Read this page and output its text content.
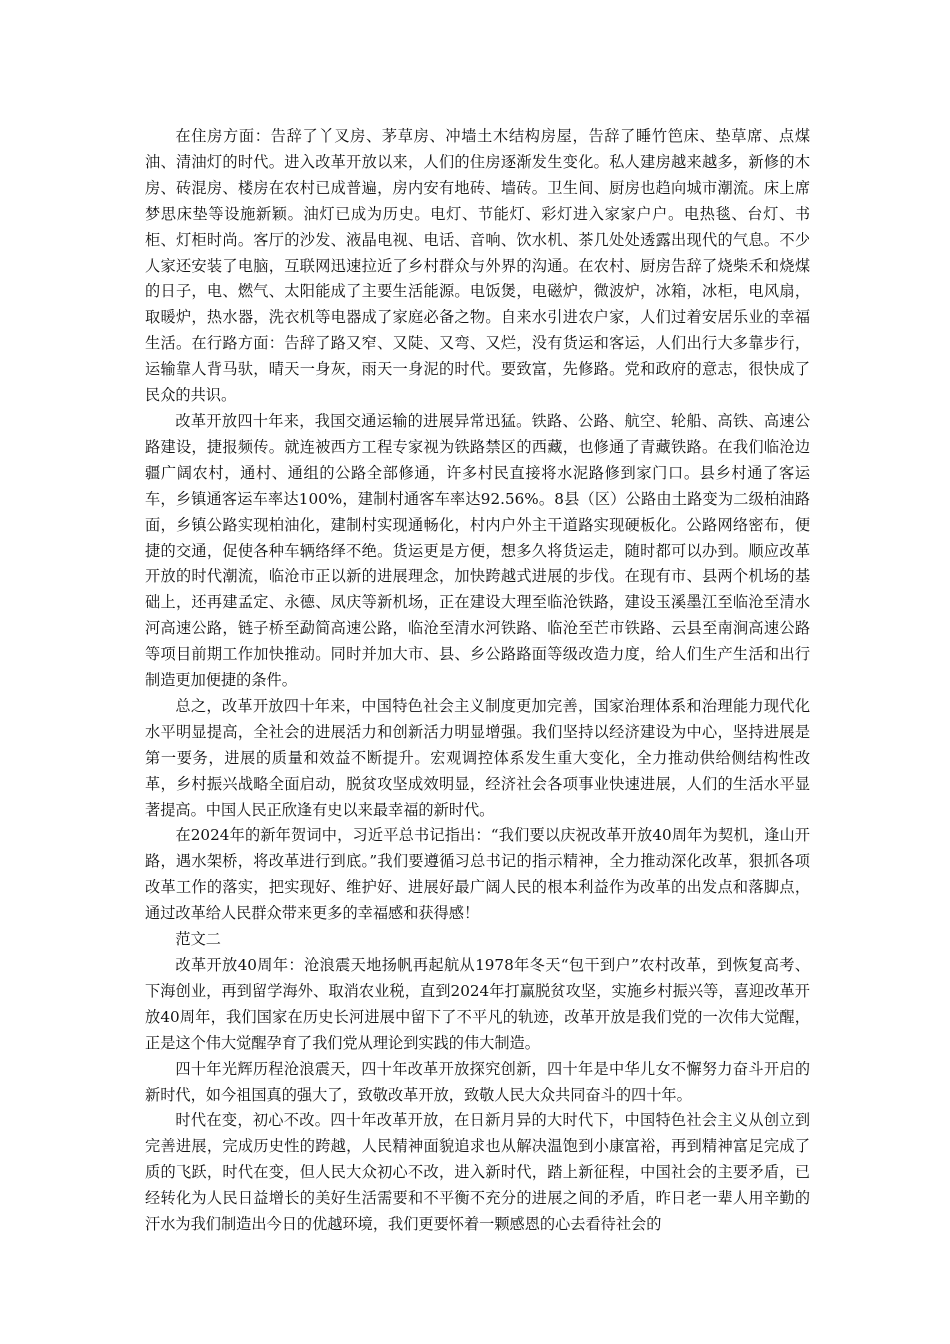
在住房方面：告辞了丫叉房、茅草房、冲墙土木结构房屋，告辞了睡竹笆床、垫草席、点煤油、清油灯的时代。进入改革开放以来，人们的住房逐渐发生变化。私人建房越来越多，新修的木房、砖混房、楼房在农村已成普遍，房内安有地砖、墙砖。卫生间、厨房也趋向城市潮流。床上席梦思床垫等设施新颖。油灯已成为历史。电灯、节能灯、彩灯进入家家户户。电热毯、台灯、书柜、灯柜时尚。客厅的沙发、液晶电视、电话、音响、饮水机、茶几处处透露出现代的气息。不少人家还安装了电脑，互联网迅速拉近了乡村群众与外界的沟通。在农村、厨房告辞了烧柴禾和烧煤的日子，电、燃气、太阳能成了主要生活能源。电饭煲，电磁炉，微波炉，冰箱，冰柜，电风扇，取暖炉，热水器，洗衣机等电器成了家庭必备之物。自来水引进农户家，人们过着安居乐业的幸福生活。在行路方面：告辞了路又窄、又陡、又弯、又烂，没有货运和客运，人们出行大多靠步行，运输靠人背马驮，晴天一身灰，雨天一身泥的时代。要致富，先修路。党和政府的意志，很快成了民众的共识。

改革开放四十年来，我国交通运输的进展异常迅猛。铁路、公路、航空、轮船、高铁、高速公路建设，捷报频传。就连被西方工程专家视为铁路禁区的西藏，也修通了青藏铁路。在我们临沧边疆广阔农村，通村、通组的公路全部修通，许多村民直接将水泥路修到家门口。县乡村通了客运车，乡镇通客运车率达100%，建制村通客车率达92.56%。8县（区）公路由土路变为二级柏油路面，乡镇公路实现柏油化，建制村实现通畅化，村内户外主干道路实现硬板化。公路网络密布，便捷的交通，促使各种车辆络绎不绝。货运更是方便，想多久将货运走，随时都可以办到。顺应改革开放的时代潮流，临沧市正以新的进展理念，加快跨越式进展的步伐。在现有市、县两个机场的基础上，还再建孟定、永德、凤庆等新机场，正在建设大理至临沧铁路，建设玉溪墨江至临沧至清水河高速公路，链子桥至勐简高速公路，临沧至清水河铁路、临沧至芒市铁路、云县至南涧高速公路等项目前期工作加快推动。同时并加大市、县、乡公路路面等级改造力度，给人们生产生活和出行制造更加便捷的条件。

总之，改革开放四十年来，中国特色社会主义制度更加完善，国家治理体系和治理能力现代化水平明显提高，全社会的进展活力和创新活力明显增强。我们坚持以经济建设为中心，坚持进展是第一要务，进展的质量和效益不断提升。宏观调控体系发生重大变化，全力推动供给侧结构性改革，乡村振兴战略全面启动，脱贫攻坚成效明显，经济社会各项事业快速进展，人们的生活水平显著提高。中国人民正欣逢有史以来最幸福的新时代。

在2024年的新年贺词中，习近平总书记指出：“我们要以庆祝改革开放40周年为契机，逢山开路，遇水架桥，将改革进行到底。”我们要遵循习总书记的指示精神，全力推动深化改革，狠抓各项改革工作的落实，把实现好、维护好、进展好最广阔人民的根本利益作为改革的出发点和落脚点，通过改革给人民群众带来更多的幸福感和获得感！

范文二

改革开放40周年：沧浪震天地扬帆再起航从1978年冬天“包干到户”农村改革，到恢复高考、下海创业，再到留学海外、取消农业税，直到2024年打赢脱贫攻坚，实施乡村振兴等，喜迎改革开放40周年，我们国家在历史长河进展中留下了不平凡的轨迹，改革开放是我们党的一次伟大觉醒，正是这个伟大觉醒孕育了我们党从理论到实践的伟大制造。

四十年光辉历程沧浪震天，四十年改革开放探究创新，四十年是中华儿女不懈努力奋斗开启的新时代，如今祖国真的强大了，致敬改革开放，致敬人民大众共同奋斗的四十年。

时代在变，初心不改。四十年改革开放，在日新月异的大时代下，中国特色社会主义从创立到完善进展，完成历史性的跨越，人民精神面貌追求也从解决温饱到小康富裕，再到精神富足完成了质的飞跃，时代在变，但人民大众初心不改，进入新时代，踏上新征程，中国社会的主要矛盾，已经转化为人民日益增长的美好生活需要和不平衡不充分的进展之间的矛盾，昨日老一辈人用辛勤的汗水为我们制造出今日的优越环境，我们更要怀着一颗感恩的心去看待社会的
